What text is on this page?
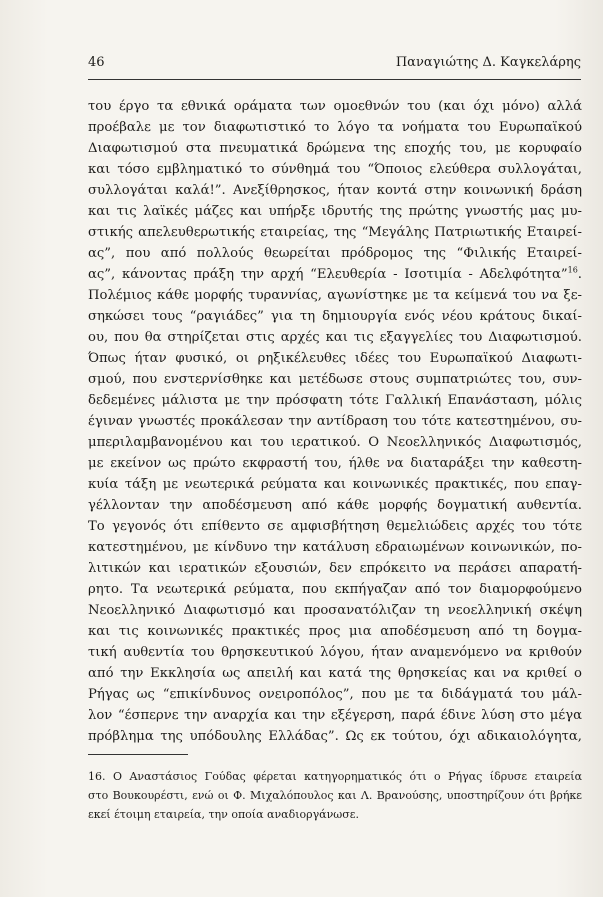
46	Παναγιώτης Δ. Καγκελάρης
του έργο τα εθνικά οράματα των ομοεθνών του (και όχι μόνο) αλλά
προέβαλε με τον διαφωτιστικό το λόγο τα νοήματα του Ευρωπαϊκού
Διαφωτισμού στα πνευματικά δρώμενα της εποχής του, με κορυφαίο
και τόσο εμβληματικό το σύνθημά του “Όποιος ελεύθερα συλλογάται,
συλλογάται καλά!”. Ανεξίθρησκος, ήταν κοντά στην κοινωνική δράση
και τις λαϊκές μάζες και υπήρξε ιδρυτής της πρώτης γνωστής μας μυ-
στικής απελευθερωτικής εταιρείας, της “Μεγάλης Πατριωτικής Εταιρεί-
ας”, που από πολλούς θεωρείται πρόδρομος της “Φιλικής Εταιρεί-
ας”, κάνοντας πράξη την αρχή “Ελευθερία - Ισοτιμία - Αδελφότητα”$^{16}$.
Πολέμιος κάθε μορφής τυραννίας, αγωνίστηκε με τα κείμενά του να ξε-
σηκώσει τους “ραγιάδες” για τη δημιουργία ενός νέου κράτους δικαί-
ου, που θα στηρίζεται στις αρχές και τις εξαγγελίες του Διαφωτισμού.
Όπως ήταν φυσικό, οι ρηξικέλευθες ιδέες του Ευρωπαϊκού Διαφωτι-
σμού, που ενστερνίσθηκε και μετέδωσε στους συμπατριώτες του, συν-
δεδεμένες μάλιστα με την πρόσφατη τότε Γαλλική Επανάσταση, μόλις
έγιναν γνωστές προκάλεσαν την αντίδραση του τότε κατεστημένου, συ-
μπεριλαμβανομένου και του ιερατικού. Ο Νεοελληνικός Διαφωτισμός,
με εκείνον ως πρώτο εκφραστή του, ήλθε να διαταράξει την καθεστη-
κυία τάξη με νεωτερικά ρεύματα και κοινωνικές πρακτικές, που επαγ-
γέλλονταν την αποδέσμευση από κάθε μορφής δογματική αυθεντία.
Το γεγονός ότι επίθεντο σε αμφισβήτηση θεμελιώδεις αρχές του τότε
κατεστημένου, με κίνδυνο την κατάλυση εδραιωμένων κοινωνικών, πο-
λιτικών και ιερατικών εξουσιών, δεν επρόκειτο να περάσει απαρατή-
ρητο. Τα νεωτερικά ρεύματα, που εκπήγαζαν από τον διαμορφούμενο
Νεοελληνικό Διαφωτισμό και προσανατόλιζαν τη νεοελληνική σκέψη
και τις κοινωνικές πρακτικές προς μια αποδέσμευση από τη δογμα-
τική αυθεντία του θρησκευτικού λόγου, ήταν αναμενόμενο να κριθούν
από την Εκκλησία ως απειλή και κατά της θρησκείας και να κριθεί ο
Ρήγας ως “επικίνδυνος ονειροπόλος”, που με τα διδάγματά του μάλ-
λον “έσπερνε την αναρχία και την εξέγερση, παρά έδινε λύση στο μέγα
πρόβλημα της υπόδουλης Ελλάδας”. Ως εκ τούτου, όχι αδικαιολόγητα,
16. Ο Αναστάσιος Γούδας φέρεται κατηγορηματικός ότι ο Ρήγας ίδρυσε εταιρεία
στο Βουκουρέστι, ενώ οι Φ. Μιχαλόπουλος και Λ. Βρανούσης, υποστηρίζουν ότι βρήκε
εκεί έτοιμη εταιρεία, την οποία αναδιοργάνωσε.
